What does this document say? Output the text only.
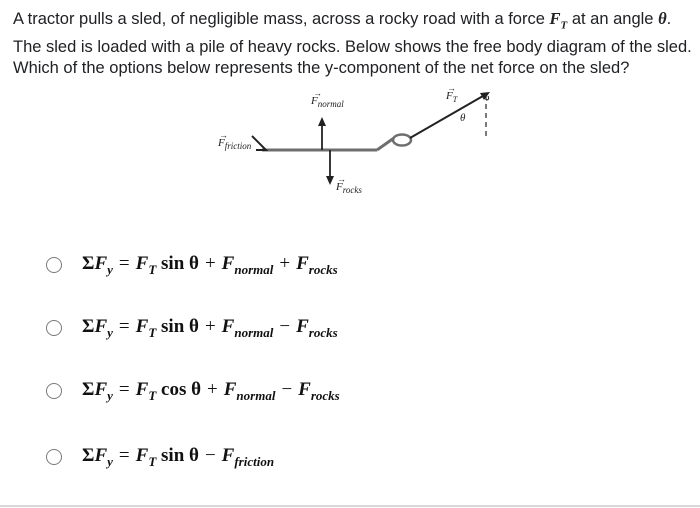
A tractor pulls a sled, of negligible mass, across a rocky road with a force $F_T$ at an angle θ.
The sled is loaded with a pile of heavy rocks. Below shows the free body diagram of the sled.
Which of the options below represents the y-component of the net force on the sled?

$F_{normal}$
→
$F_{friction}$
→
$F_{rocks}$
→
$F_T$
→
θ
$\Sigma F_y = F_T$ $\sin \theta + F_{normal} + F_{rocks}$
$\Sigma F_y = F_T$ $\sin \theta + F_{normal} - F_{rocks}$
$\Sigma F_y = F_T$ $\cos \theta + F_{normal} - F_{rocks}$
$\Sigma F_y = F_T$ $\sin \theta - F_{friction}$
